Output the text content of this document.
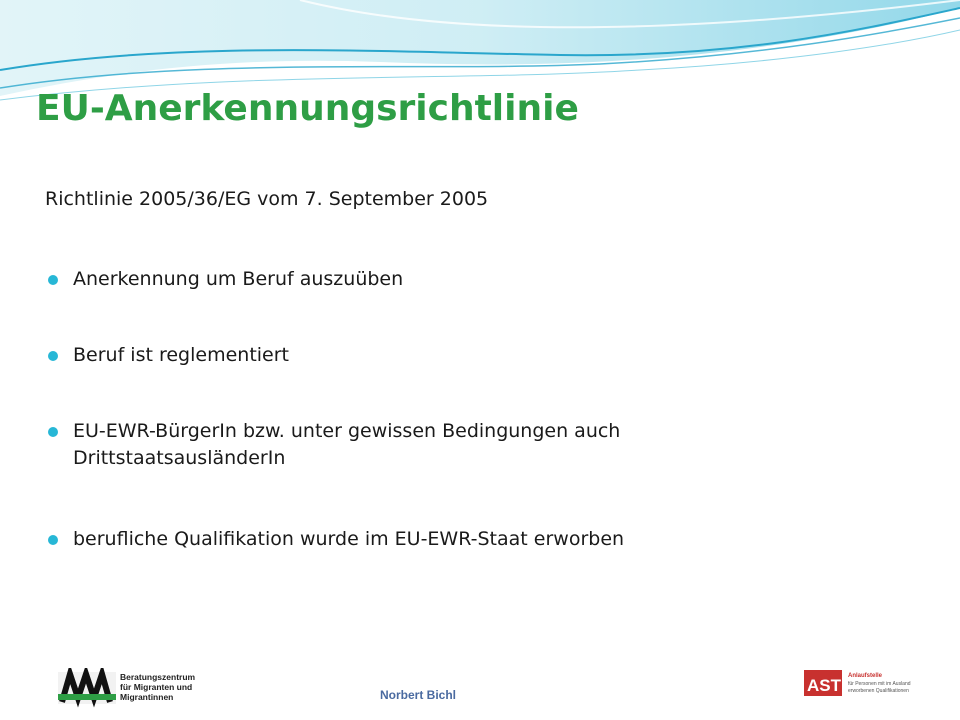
EU-Anerkennungsrichtlinie
Richtlinie 2005/36/EG vom 7. September 2005
Anerkennung um Beruf auszuüben
Beruf ist reglementiert
EU-EWR-BürgerIn bzw. unter gewissen Bedingungen auch DrittstaatsausländerIn
berufliche Qualifikation wurde im EU-EWR-Staat erworben
Beratungszentrum
für Migranten und
Migrantinnen	Norbert Bichl	AST Anlaufstelle
für Personen mit im Ausland
erworbenen Qualifikationen
